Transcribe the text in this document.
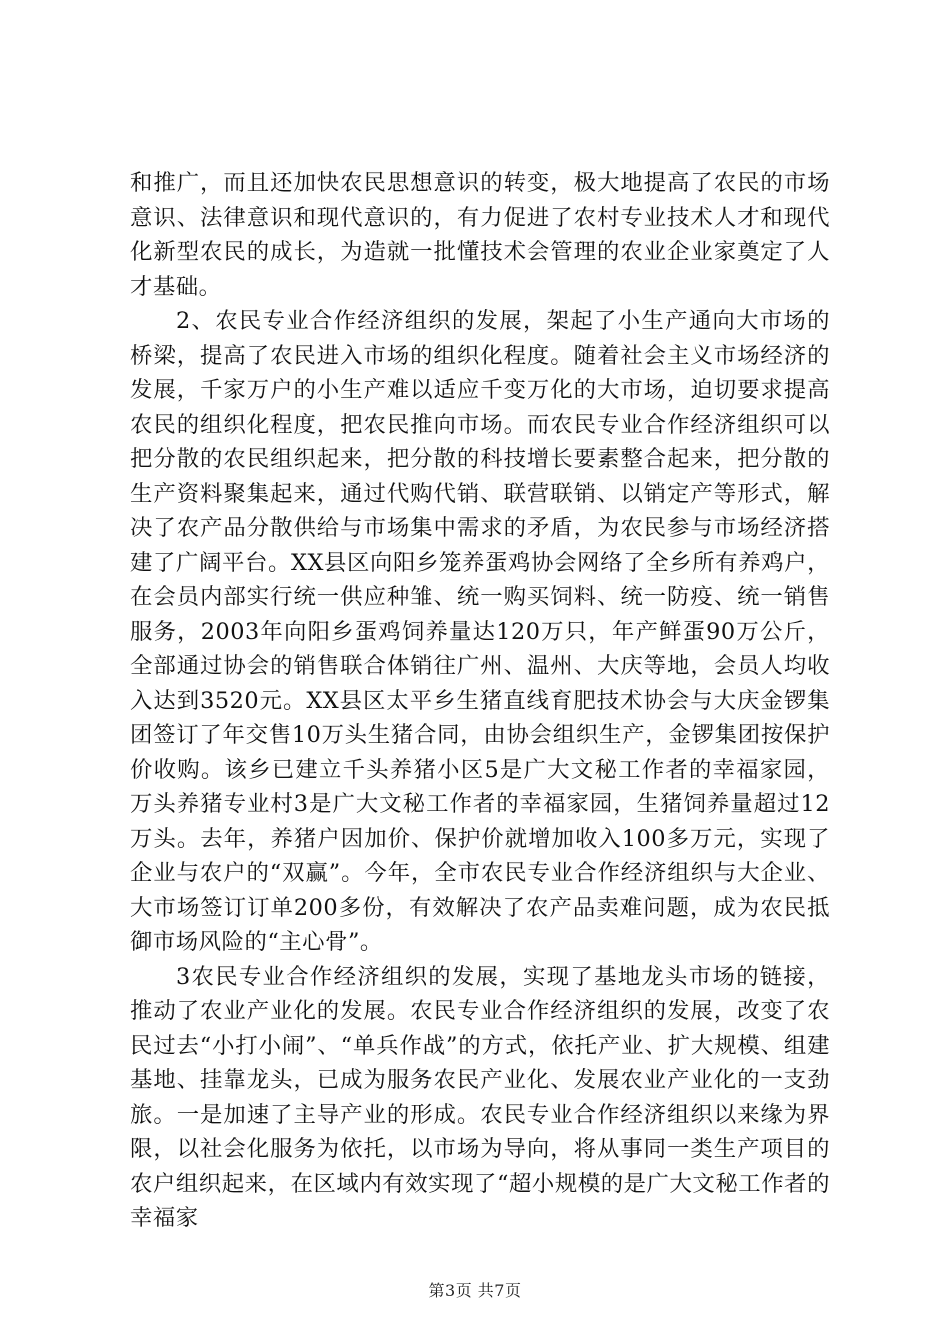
和推广，而且还加快农民思想意识的转变，极大地提高了农民的市场意识、法律意识和现代意识的，有力促进了农村专业技术人才和现代化新型农民的成长，为造就一批懂技术会管理的农业企业家奠定了人才基础。

2、农民专业合作经济组织的发展，架起了小生产通向大市场的桥梁，提高了农民进入市场的组织化程度。随着社会主义市场经济的发展，千家万户的小生产难以适应千变万化的大市场，迫切要求提高农民的组织化程度，把农民推向市场。而农民专业合作经济组织可以把分散的农民组织起来，把分散的科技增长要素整合起来，把分散的生产资料聚集起来，通过代购代销、联营联销、以销定产等形式，解决了农产品分散供给与市场集中需求的矛盾，为农民参与市场经济搭建了广阔平台。XX县区向阳乡笼养蛋鸡协会网络了全乡所有养鸡户，在会员内部实行统一供应种雏、统一购买饲料、统一防疫、统一销售服务，2003年向阳乡蛋鸡饲养量达120万只，年产鲜蛋90万公斤，全部通过协会的销售联合体销往广州、温州、大庆等地，会员人均收入达到3520元。XX县区太平乡生猪直线育肥技术协会与大庆金锣集团签订了年交售10万头生猪合同，由协会组织生产，金锣集团按保护价收购。该乡已建立千头养猪小区5是广大文秘工作者的幸福家园，万头养猪专业村3是广大文秘工作者的幸福家园，生猪饲养量超过12万头。去年，养猪户因加价、保护价就增加收入100多万元，实现了企业与农户的“双赢”。今年，全市农民专业合作经济组织与大企业、大市场签订订单200多份，有效解决了农产品卖难问题，成为农民抵御市场风险的“主心骨”。

3农民专业合作经济组织的发展，实现了基地龙头市场的链接，推动了农业产业化的发展。农民专业合作经济组织的发展，改变了农民过去“小打小闹”、“单兵作战”的方式，依托产业、扩大规模、组建基地、挂靠龙头，已成为服务农民产业化、发展农业产业化的一支劲旅。一是加速了主导产业的形成。农民专业合作经济组织以来缘为界限，以社会化服务为依托，以市场为导向，将从事同一类生产项目的农户组织起来，在区域内有效实现了“超小规模的是广大文秘工作者的幸福家

第3页 共7页
